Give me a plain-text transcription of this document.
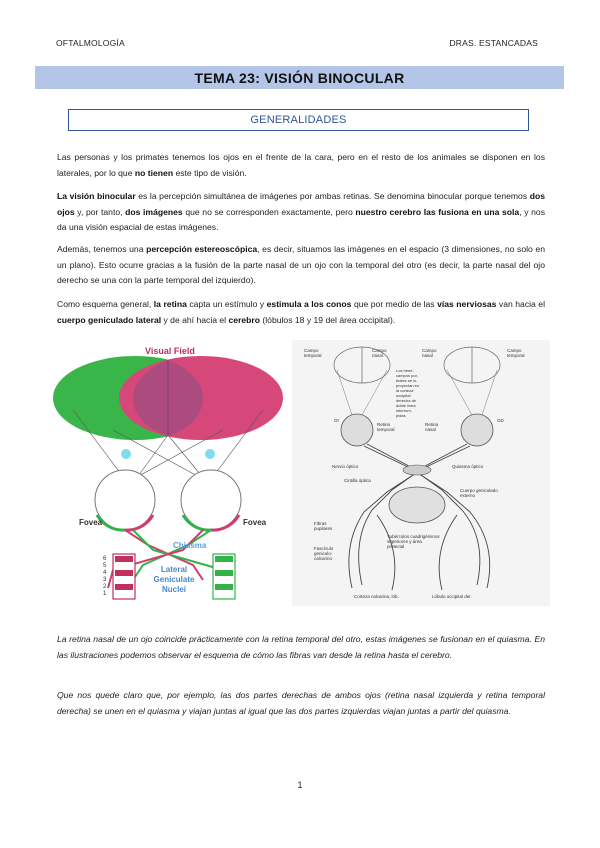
OFTALMOLOGÍA	DRAS. ESTANCADAS
TEMA 23: VISIÓN BINOCULAR
GENERALIDADES

Las personas y los primates tenemos los ojos en el frente de la cara, pero en el resto de los animales se disponen en los laterales, por lo que no tienen este tipo de visión.

La visión binocular es la percepción simultánea de imágenes por ambas retinas. Se denomina binocular porque tenemos dos ojos y, por tanto, dos imágenes que no se corresponden exactamente, pero nuestro cerebro las fusiona en una sola, y nos da una visión espacial de estas imágenes.

Además, tenemos una percepción estereoscópica, es decir, situamos las imágenes en el espacio (3 dimensiones, no solo en un plano). Esto ocurre gracias a la fusión de la parte nasal de un ojo con la temporal del otro (es decir, la parte nasal del ojo derecho se una con la parte temporal del izquierdo).

Como esquema general, la retina capta un estímulo y estimula a los conos que por medio de las vías nerviosas van hacia el cuerpo geniculado lateral y de ahí hacia el cerebro (lóbulos 18 y 19 del área occipital).

Visual Field
Fovea	Fovea
Chiasma
6
5
4
3
2
1
Lateral
Geniculate
Nuclei
Campo
temporal
Campo
nasal
Campo
nasal
Campo
temporal
Los hemi-
campos por-
teales se in-
proyectan en
la corteza
occipital
derecha de
doble línea
interrum-
pidas
OI	OD
Retina
temporal
Retina
nasal
Nervio óptico	Quiasma óptico
Cintilla óptica
Cuerpo geniculado
externo
Fibras
pupilares
Tubérculos cuadrigéminos
superiores y área
pretectal
Fascículo
geniculo-
calcarino
Corteza calcarina, lób.	Lóbulo occipital der.

La retina nasal de un ojo coincide prácticamente con la retina temporal del otro, estas imágenes se fusionan en el quiasma. En las ilustraciones podemos observar el esquema de cómo las fibras van desde la retina hasta el cerebro.

Que nos quede claro que, por ejemplo, las dos partes derechas de ambos ojos (retina nasal izquierda y retina temporal derecha) se unen en el quiasma y viajan juntas al igual que las dos partes izquierdas viajan juntas a partir del quiasma.

1
